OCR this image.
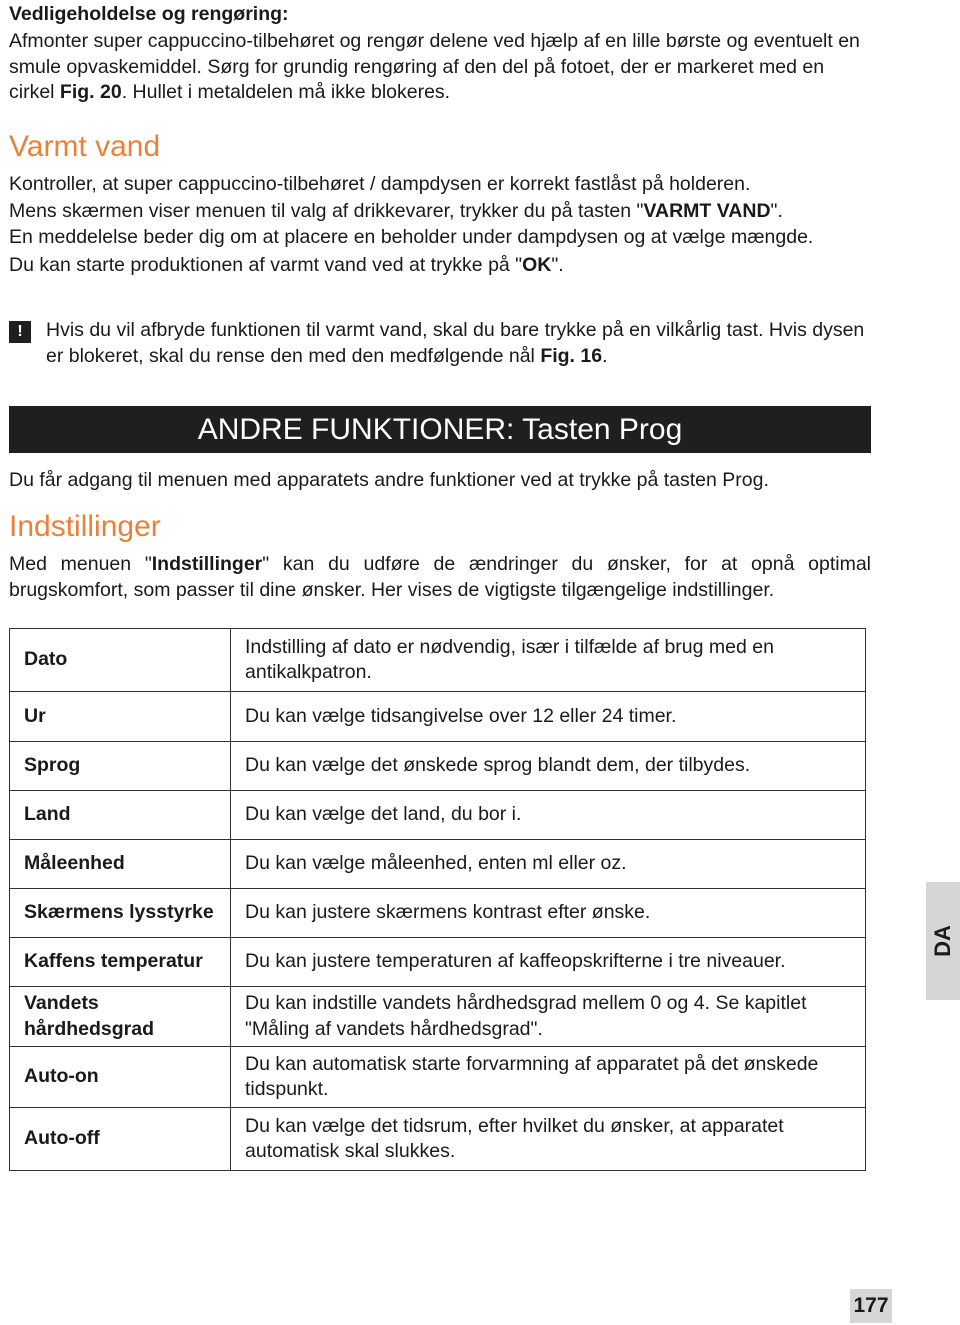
Vedligeholdelse og rengøring:

Afmonter super cappuccino-tilbehøret og rengør delene ved hjælp af en lille børste og eventuelt en smule opvaskemiddel. Sørg for grundig rengøring af den del på fotoet, der er markeret med en cirkel Fig. 20. Hullet i metaldelen må ikke blokeres.

Varmt vand

Kontroller, at super cappuccino-tilbehøret / dampdysen er korrekt fastlåst på holderen.

Mens skærmen viser menuen til valg af drikkevarer, trykker du på tasten "VARMT VAND".

En meddelelse beder dig om at placere en beholder under dampdysen og at vælge mængde.

Du kan starte produktionen af varmt vand ved at trykke på "OK".

!	Hvis du vil afbryde funktionen til varmt vand, skal du bare trykke på en vilkårlig tast. Hvis dysen er blokeret, skal du rense den med den medfølgende nål Fig. 16.

ANDRE FUNKTIONER: Tasten Prog

Du får adgang til menuen med apparatets andre funktioner ved at trykke på tasten Prog.

Indstillinger

Med menuen "Indstillinger" kan du udføre de ændringer du ønsker, for at opnå optimal brugskomfort, som passer til dine ønsker. Her vises de vigtigste tilgængelige indstillinger.

Dato	Indstilling af dato er nødvendig, især i tilfælde af brug med en antikalkpatron.
Ur	Du kan vælge tidsangivelse over 12 eller 24 timer.
Sprog	Du kan vælge det ønskede sprog blandt dem, der tilbydes.
Land	Du kan vælge det land, du bor i.
Måleenhed	Du kan vælge måleenhed, enten ml eller oz.
Skærmens lysstyrke	Du kan justere skærmens kontrast efter ønske.
Kaffens temperatur	Du kan justere temperaturen af kaffeopskrifterne i tre niveauer.
Vandets hårdhedsgrad	Du kan indstille vandets hårdhedsgrad mellem 0 og 4. Se kapitlet "Måling af vandets hårdhedsgrad".
Auto-on	Du kan automatisk starte forvarmning af apparatet på det ønskede tidspunkt.
Auto-off	Du kan vælge det tidsrum, efter hvilket du ønsker, at apparatet automatisk skal slukkes.
DA
177
